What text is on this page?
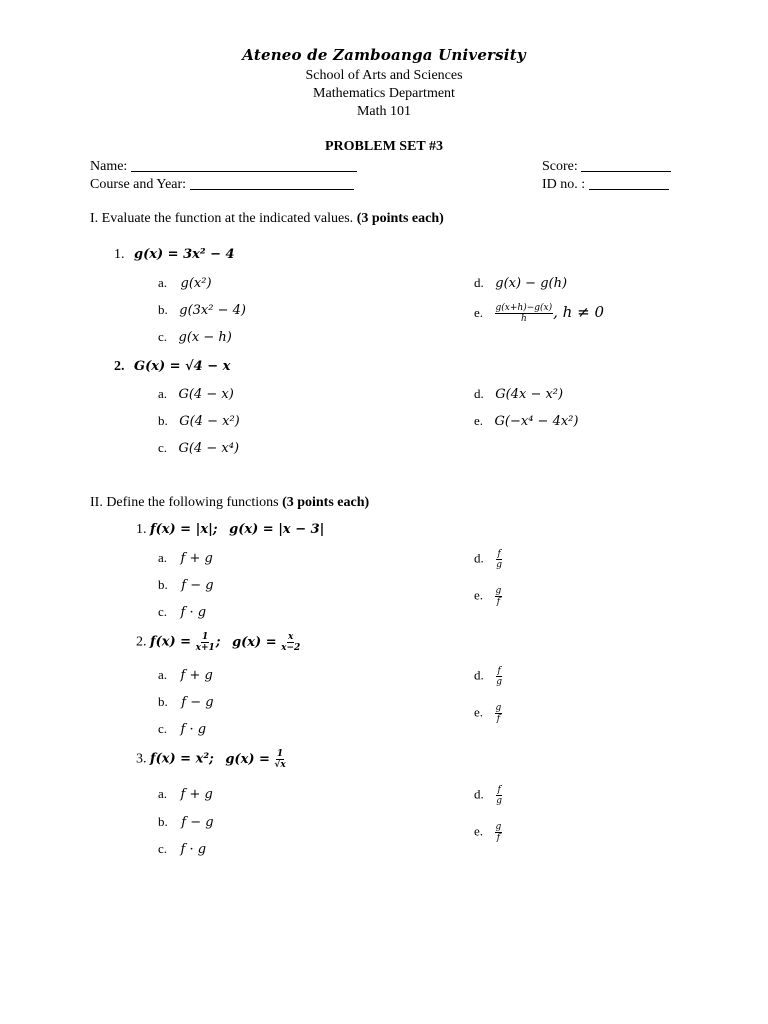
Ateneo de Zamboanga University
School of Arts and Sciences
Mathematics Department
Math 101
PROBLEM SET #3
Name:
Course and Year:
Score:
ID no. :
I. Evaluate the function at the indicated values. (3 points each)
1. g(x) = 3x² − 4
a. g(x²)
b. g(3x² − 4)
c. g(x − h)
d. g(x) − g(h)
e. $\frac{g(x+h)-g(x)}{h}$ , h ≠ 0
2. G(x) = √4 − x
a. G(4 − x)
b. G(4 − x²)
c. G(4 − x⁴)
d. G(4x − x²)
e. G(−x⁴ − 4x²)
II. Define the following functions (3 points each)
1. f(x) = |x|; g(x) = |x − 3|
a. f + g
b. f − g
c. f · g
d. $\frac{f}{g}$
e. $\frac{g}{f}$
2. $f(x) = \frac{1}{x+1}$ ; $g(x) = \frac{x}{x-2}$
a. f + g
b. f − g
c. f · g
d. $\frac{f}{g}$
e. $\frac{g}{f}$
3. f(x) = x²; $g(x) = \frac{1}{√x}$
a. f + g
b. f − g
c. f · g
d. $\frac{f}{g}$
e. $\frac{g}{f}$
